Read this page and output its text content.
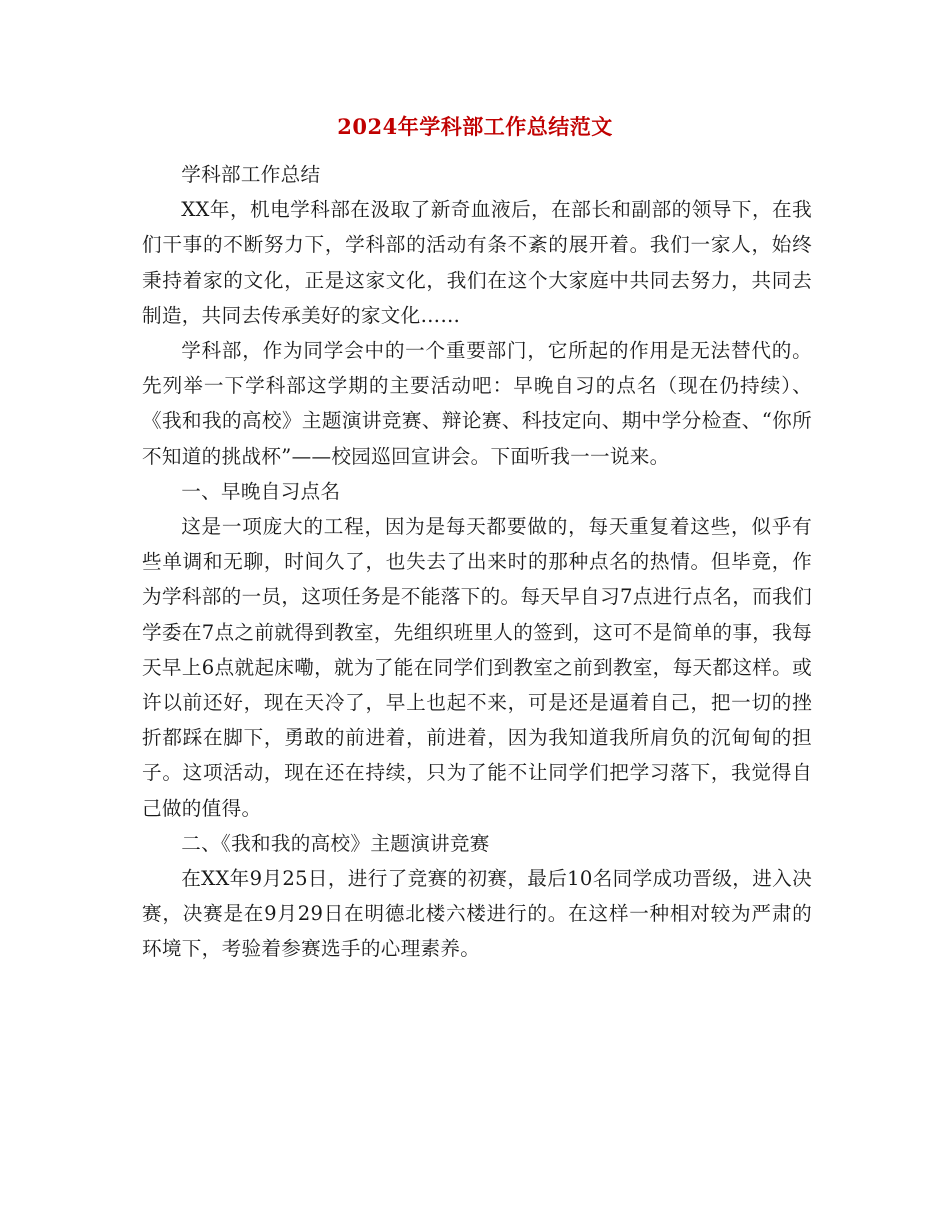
2024年学科部工作总结范文

学科部工作总结

XX年，机电学科部在汲取了新奇血液后，在部长和副部的领导下，在我们干事的不断努力下，学科部的活动有条不紊的展开着。我们一家人，始终秉持着家的文化，正是这家文化，我们在这个大家庭中共同去努力，共同去制造，共同去传承美好的家文化……

学科部，作为同学会中的一个重要部门，它所起的作用是无法替代的。先列举一下学科部这学期的主要活动吧：早晚自习的点名（现在仍持续）、《我和我的高校》主题演讲竞赛、辩论赛、科技定向、期中学分检查、“你所不知道的挑战杯”——校园巡回宣讲会。下面听我一一说来。

一、早晚自习点名

这是一项庞大的工程，因为是每天都要做的，每天重复着这些，似乎有些单调和无聊，时间久了，也失去了出来时的那种点名的热情。但毕竟，作为学科部的一员，这项任务是不能落下的。每天早自习7点进行点名，而我们学委在7点之前就得到教室，先组织班里人的签到，这可不是简单的事，我每天早上6点就起床嘞，就为了能在同学们到教室之前到教室，每天都这样。或许以前还好，现在天冷了，早上也起不来，可是还是逼着自己，把一切的挫折都踩在脚下，勇敢的前进着，前进着，因为我知道我所肩负的沉甸甸的担子。这项活动，现在还在持续，只为了能不让同学们把学习落下，我觉得自己做的值得。

二、《我和我的高校》主题演讲竞赛

在XX年9月25日，进行了竞赛的初赛，最后10名同学成功晋级，进入决赛，决赛是在9月29日在明德北楼六楼进行的。在这样一种相对较为严肃的环境下，考验着参赛选手的心理素养。
